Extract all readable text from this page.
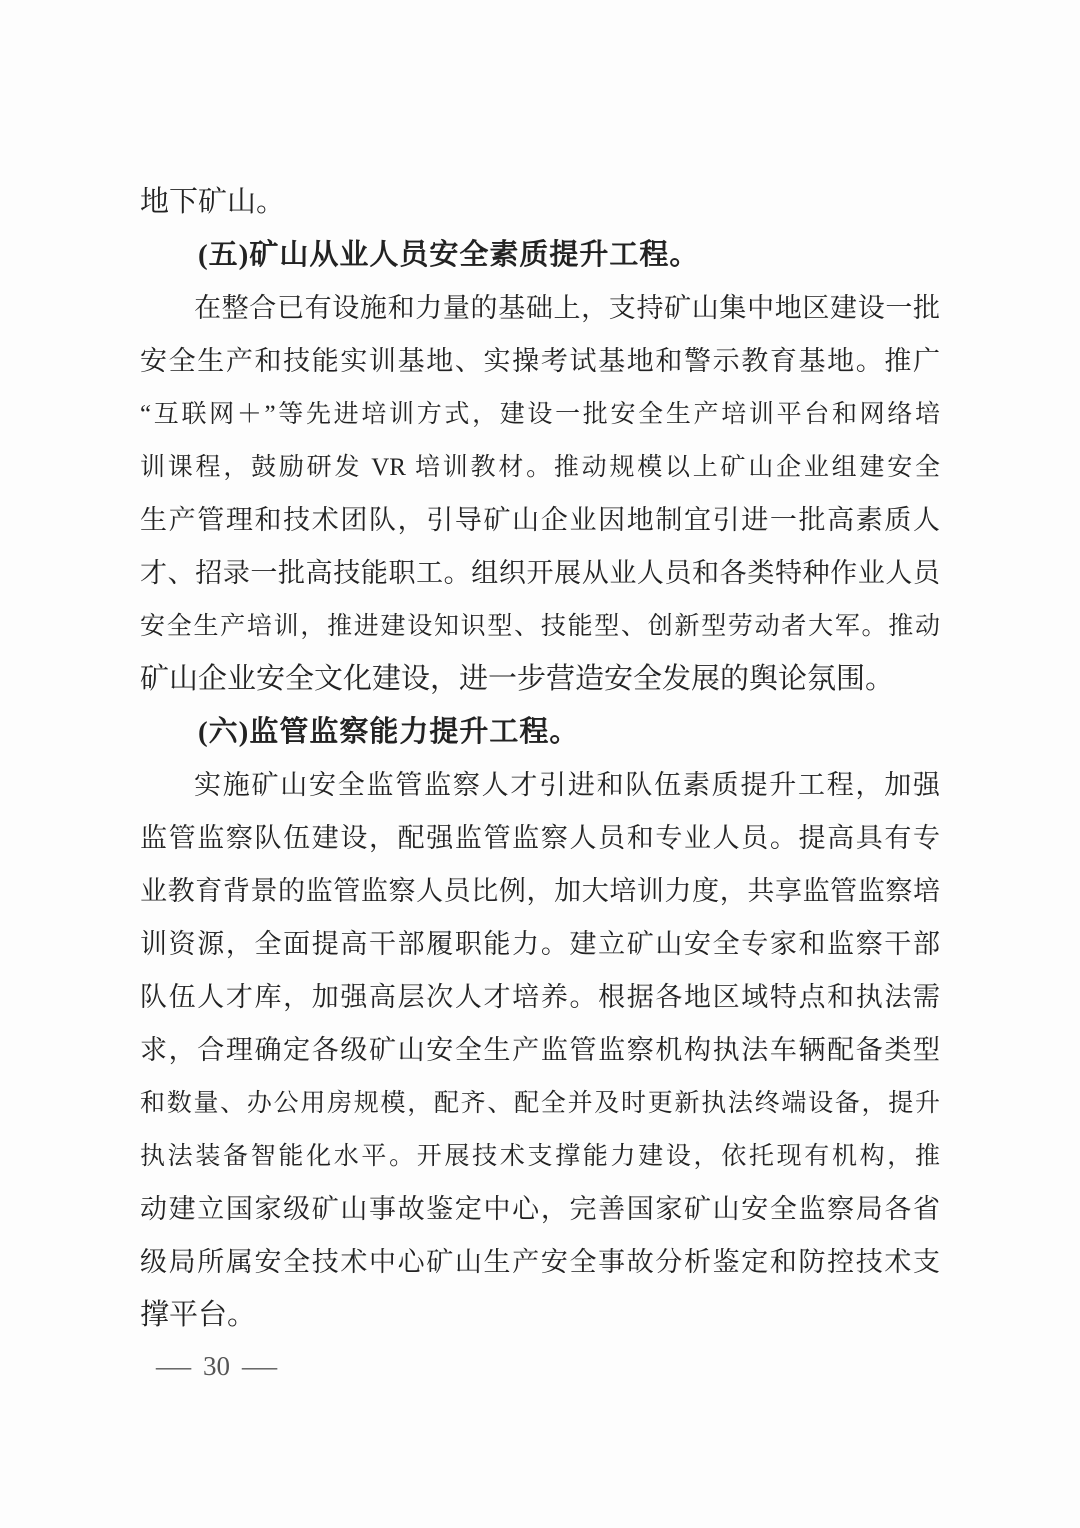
地下矿山。

(五)矿山从业人员安全素质提升工程。

在整合已有设施和力量的基础上，支持矿山集中地区建设一批

安全生产和技能实训基地、实操考试基地和警示教育基地。推广

“互联网＋”等先进培训方式，建设一批安全生产培训平台和网络培

训课程，鼓励研发 VR 培训教材。推动规模以上矿山企业组建安全

生产管理和技术团队，引导矿山企业因地制宜引进一批高素质人

才、招录一批高技能职工。组织开展从业人员和各类特种作业人员

安全生产培训，推进建设知识型、技能型、创新型劳动者大军。推动

矿山企业安全文化建设，进一步营造安全发展的舆论氛围。

(六)监管监察能力提升工程。

实施矿山安全监管监察人才引进和队伍素质提升工程，加强

监管监察队伍建设，配强监管监察人员和专业人员。提高具有专

业教育背景的监管监察人员比例，加大培训力度，共享监管监察培

训资源，全面提高干部履职能力。建立矿山安全专家和监察干部

队伍人才库，加强高层次人才培养。根据各地区域特点和执法需

求，合理确定各级矿山安全生产监管监察机构执法车辆配备类型

和数量、办公用房规模，配齐、配全并及时更新执法终端设备，提升

执法装备智能化水平。开展技术支撑能力建设，依托现有机构，推

动建立国家级矿山事故鉴定中心，完善国家矿山安全监察局各省

级局所属安全技术中心矿山生产安全事故分析鉴定和防控技术支

撑平台。

— 30 —
